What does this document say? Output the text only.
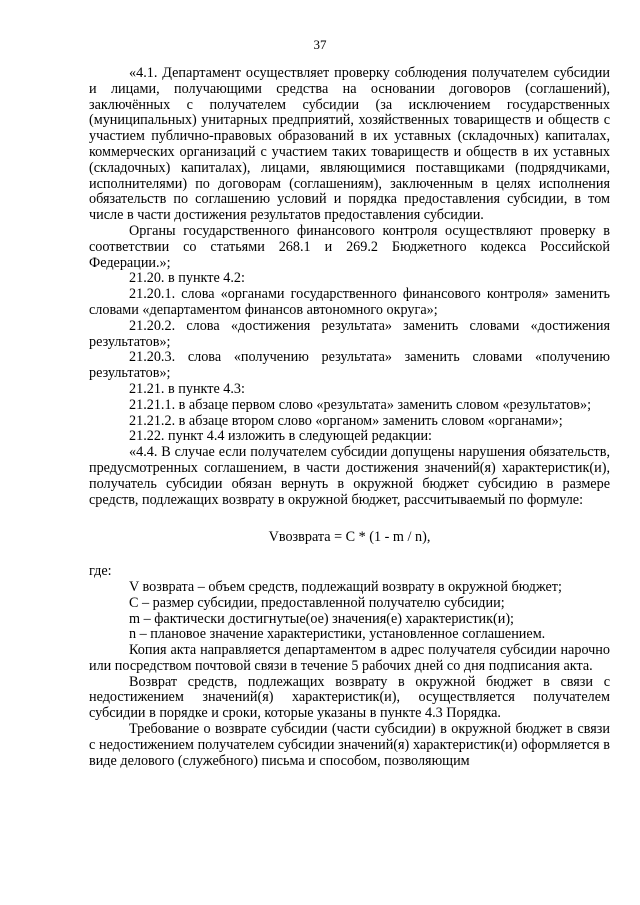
37

«4.1. Департамент осуществляет проверку соблюдения получателем субсидии и лицами, получающими средства на основании договоров (соглашений), заключённых с получателем субсидии (за исключением государственных (муниципальных) унитарных предприятий, хозяйственных товариществ и обществ с участием публично-правовых образований в их уставных (складочных) капиталах, коммерческих организаций с участием таких товариществ и обществ в их уставных (складочных) капиталах), лицами, являющимися поставщиками (подрядчиками, исполнителями) по договорам (соглашениям), заключенным в целях исполнения обязательств по соглашению условий и порядка предоставления субсидии, в том числе в части достижения результатов предоставления субсидии.

Органы государственного финансового контроля осуществляют проверку в соответствии со статьями 268.1 и 269.2 Бюджетного кодекса Российской Федерации.»;

21.20. в пункте 4.2:

21.20.1. слова «органами государственного финансового контроля» заменить словами «департаментом финансов автономного округа»;

21.20.2. слова «достижения результата» заменить словами «достижения результатов»;

21.20.3. слова «получению результата» заменить словами «получению результатов»;

21.21. в пункте 4.3:

21.21.1. в абзаце первом слово «результата» заменить словом «результатов»;

21.21.2. в абзаце втором слово «органом» заменить словом «органами»;

21.22. пункт 4.4 изложить в следующей редакции:

«4.4. В случае если получателем субсидии допущены нарушения обязательств, предусмотренных соглашением, в части достижения значений(я) характеристик(и), получатель субсидии обязан вернуть в окружной бюджет субсидию в размере средств, подлежащих возврату в окружной бюджет, рассчитываемый по формуле:

Vвозврата = C * (1 - m / n),

где:

V возврата – объем средств, подлежащий возврату в окружной бюджет;

C – размер субсидии, предоставленной получателю субсидии;

m – фактически достигнутые(ое) значения(е) характеристик(и);

n – плановое значение характеристики, установленное соглашением.

Копия акта направляется департаментом в адрес получателя субсидии нарочно или посредством почтовой связи в течение 5 рабочих дней со дня подписания акта.

Возврат средств, подлежащих возврату в окружной бюджет в связи с недостижением значений(я) характеристик(и), осуществляется получателем субсидии в порядке и сроки, которые указаны в пункте 4.3 Порядка.

Требование о возврате субсидии (части субсидии) в окружной бюджет в связи с недостижением получателем субсидии значений(я) характеристик(и) оформляется в виде делового (служебного) письма и способом, позволяющим
